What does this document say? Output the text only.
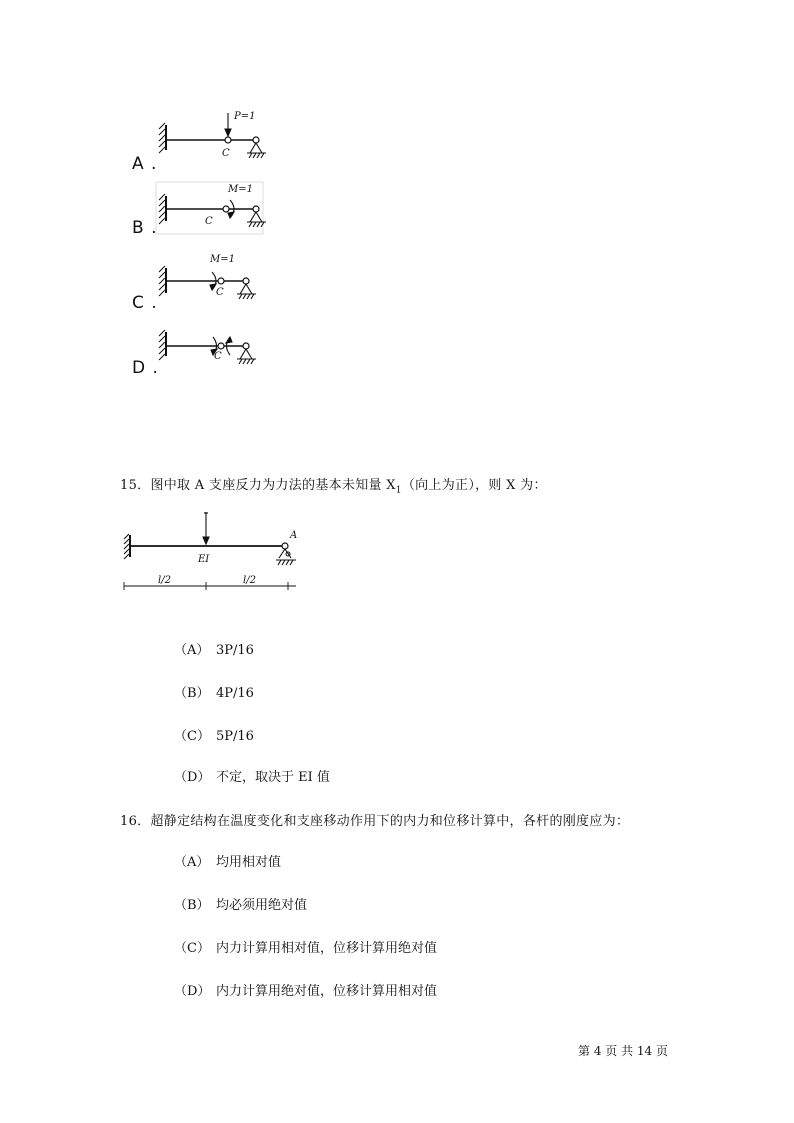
A .
P=1
C
B .
M=1
C
C .
M=1
C
D .
C
15．图中取 A 支座反力为力法的基本未知量 $X_1$（向上为正），则 X 为：
EI
A
l/2	l/2
（A） 3P/16
（B） 4P/16
（C） 5P/16
（D） 不定，取决于 EI 值
16．超静定结构在温度变化和支座移动作用下的内力和位移计算中，各杆的刚度应为：
（A） 均用相对值
（B） 均必须用绝对值
（C） 内力计算用相对值，位移计算用绝对值
（D） 内力计算用绝对值，位移计算用相对值
第 4 页 共 14 页
